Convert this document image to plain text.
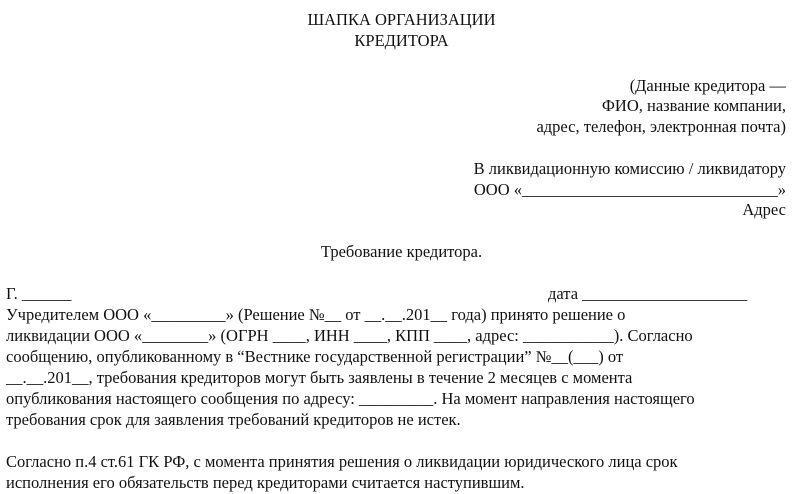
ШАПКА ОРГАНИЗАЦИИ
КРЕДИТОРА
(Данные кредитора —
ФИО, название компании,
адрес, телефон, электронная почта)
В ликвидационную комиссию / ликвидатору
ООО «_______________________________»
Адрес
Требование кредитора.
Г. ______	дата ____________________
Учредителем ООО «_________» (Решение №__ от __.__.201__ года) принято решение о
ликвидации ООО «________» (ОГРН ____, ИНН ____, КПП ____, адрес: ___________). Согласно
сообщению, опубликованному в “Вестнике государственной регистрации” №__(___) от
__.__.201__, требования кредиторов могут быть заявлены в течение 2 месяцев с момента
опубликования настоящего сообщения по адресу: _________. На момент направления настоящего
требования срок для заявления требований кредиторов не истек.
Согласно п.4 ст.61 ГК РФ, с момента принятия решения о ликвидации юридического лица срок
исполнения его обязательств перед кредиторами считается наступившим.
